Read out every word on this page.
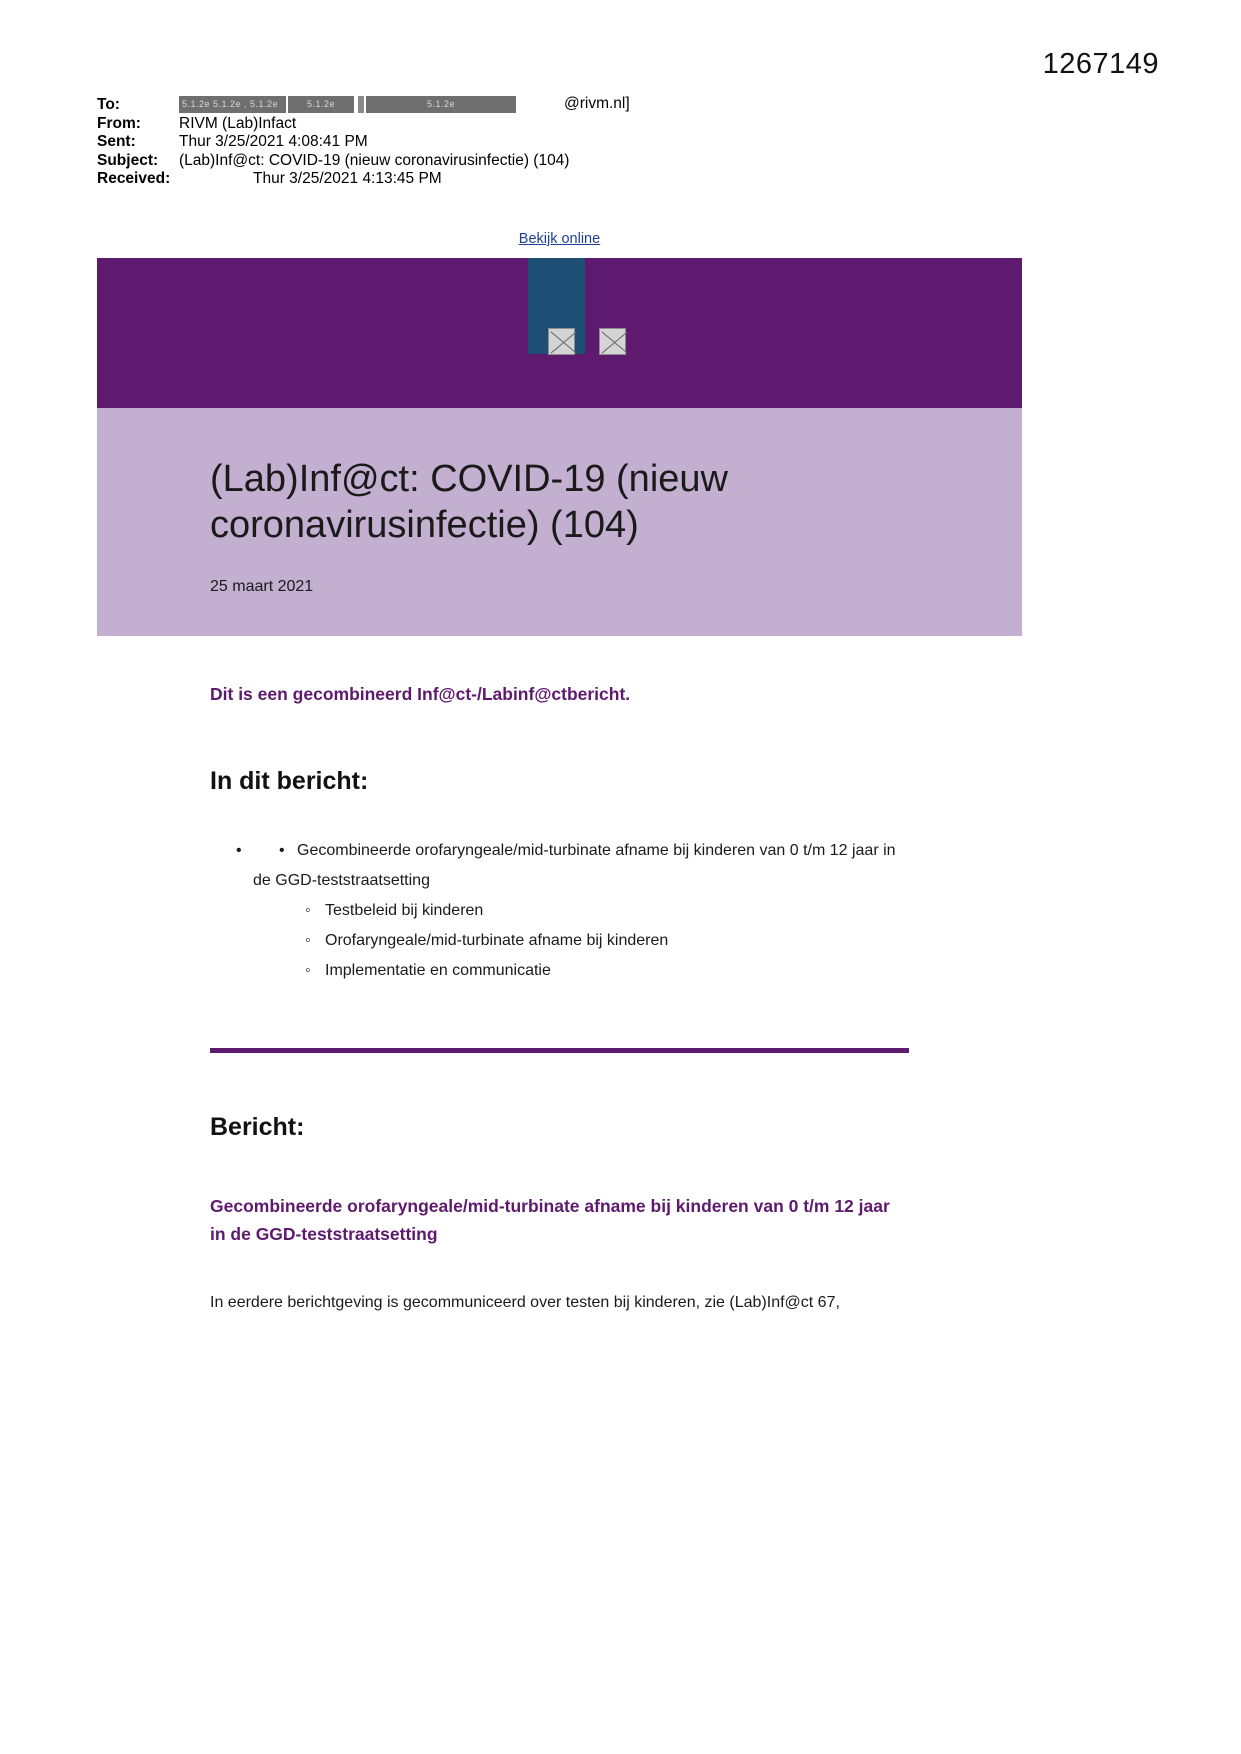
1267149
To:	5.1.2e 5.1.2e , 5.1.2e	5.1.2e	5.1.2e	@rivm.nl]
From:	RIVM (Lab)Infact
Sent:	Thur 3/25/2021 4:08:41 PM
Subject:	(Lab)Inf@ct: COVID-19 (nieuw coronavirusinfectie) (104)
Received:	Thur 3/25/2021 4:13:45 PM
Bekijk online
(Lab)Inf@ct: COVID-19 (nieuw coronavirusinfectie) (104)
25 maart 2021
Dit is een gecombineerd Inf@ct-/Labinf@ctbericht.
In dit bericht:
• • Gecombineerde orofaryngeale/mid-turbinate afname bij kinderen van 0 t/m 12 jaar in de GGD-teststraatsetting
◦ Testbeleid bij kinderen
◦ Orofaryngeale/mid-turbinate afname bij kinderen
◦ Implementatie en communicatie
Bericht:
Gecombineerde orofaryngeale/mid-turbinate afname bij kinderen van 0 t/m 12 jaar in de GGD-teststraatsetting
In eerdere berichtgeving is gecommuniceerd over testen bij kinderen, zie (Lab)Inf@ct 67,
